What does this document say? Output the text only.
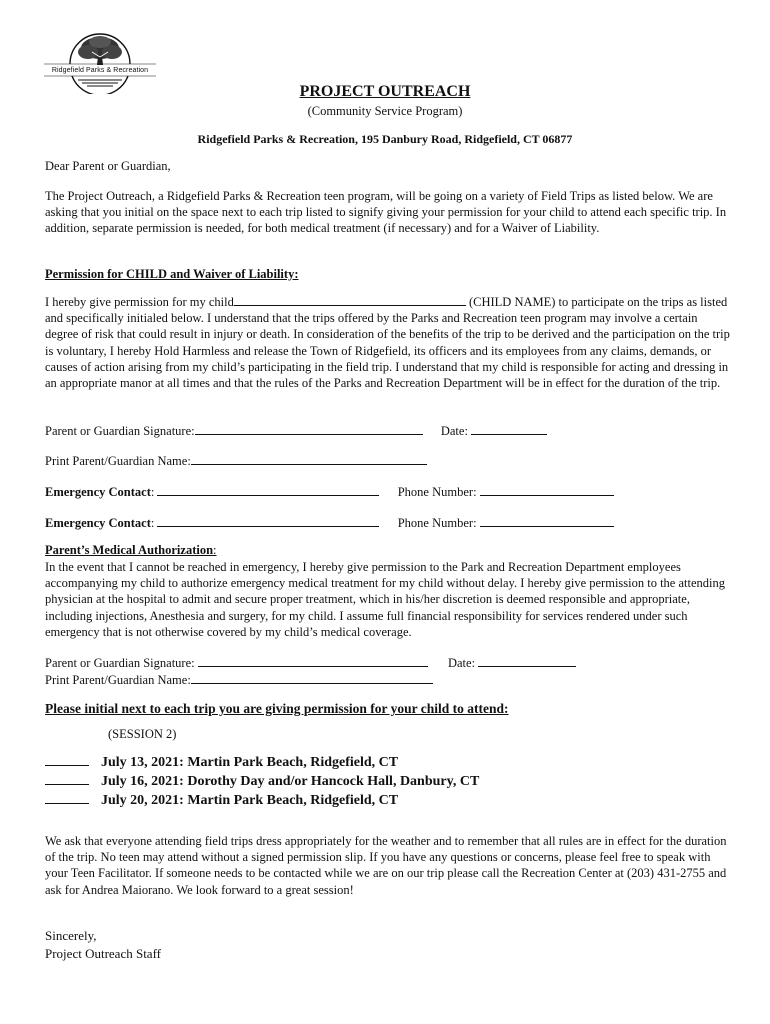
Ridgefield Parks & Recreation
PROJECT OUTREACH
(Community Service Program)
Ridgefield Parks & Recreation, 195 Danbury Road, Ridgefield, CT 06877
Dear Parent or Guardian,
The Project Outreach, a Ridgefield Parks & Recreation teen program, will be going on a variety of Field Trips as listed below. We are asking that you initial on the space next to each trip listed to signify giving your permission for your child to attend each specific trip. In addition, separate permission is needed, for both medical treatment (if necessary) and for a Waiver of Liability.
Permission for CHILD and Waiver of Liability:
I hereby give permission for my child	(CHILD NAME) to participate on the trips as listed and specifically initialed below. I understand that the trips offered by the Parks and Recreation teen program may involve a certain degree of risk that could result in injury or death. In consideration of the benefits of the trip to be derived and the participation on the trip is voluntary, I hereby Hold Harmless and release the Town of Ridgefield, its officers and its employees from any claims, demands, or causes of action arising from my child’s participating in the field trip. I understand that my child is responsible for acting and dressing in an appropriate manor at all times and that the rules of the Parks and Recreation Department will be in effect for the duration of the trip.
Parent or Guardian Signature:	Date:
Print Parent/Guardian Name:
Emergency Contact:	Phone Number:
Emergency Contact:	Phone Number:
Parent’s Medical Authorization:
In the event that I cannot be reached in emergency, I hereby give permission to the Park and Recreation Department employees accompanying my child to authorize emergency medical treatment for my child without delay. I hereby give permission to the attending physician at the hospital to admit and secure proper treatment, which in his/her discretion is deemed responsible and appropriate, including injections, Anesthesia and surgery, for my child. I assume full financial responsibility for services rendered under such emergency that is not otherwise covered by my child’s medical coverage.
Parent or Guardian Signature:	Date:
Print Parent/Guardian Name:
Please initial next to each trip you are giving permission for your child to attend:
(SESSION 2)
July 13, 2021: Martin Park Beach, Ridgefield, CT
July 16, 2021: Dorothy Day and/or Hancock Hall, Danbury, CT
July 20, 2021: Martin Park Beach, Ridgefield, CT
We ask that everyone attending field trips dress appropriately for the weather and to remember that all rules are in effect for the duration of the trip. No teen may attend without a signed permission slip. If you have any questions or concerns, please feel free to speak with your Teen Facilitator. If someone needs to be contacted while we are on our trip please call the Recreation Center at (203) 431-2755 and ask for Andrea Maiorano. We look forward to a great session!
Sincerely,
Project Outreach Staff
